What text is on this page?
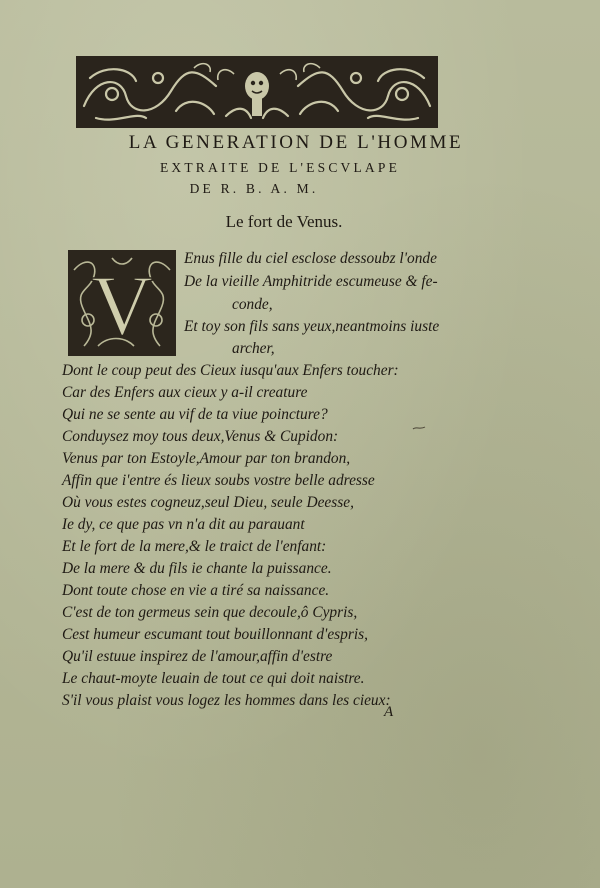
LA GENERATION DE L'HOMME
EXTRAITE DE L'ESCVLAPE
DE R. B. A. M.
Le fort de Venus.
V Enus fille du ciel esclose dessoubz l'onde
De la vieille Amphitride escumeuse & fe-
conde,
Et toy son fils sans yeux,neantmoins iuste
archer,
Dont le coup peut des Cieux iusqu'aux Enfers toucher:
Car des Enfers aux cieux y a-il creature
Qui ne se sente au vif de ta viue poincture?
Conduysez moy tous deux,Venus & Cupidon:
Venus par ton Estoyle,Amour par ton brandon,
Affin que i'entre és lieux soubs vostre belle adresse
Où vous estes cogneuz,seul Dieu, seule Deesse,
Ie dy, ce que pas vn n'a dit au parauant
Et le fort de la mere,& le traict de l'enfant:
De la mere & du fils ie chante la puissance.
Dont toute chose en vie a tiré sa naissance.
C'est de ton germeus sein que decoule,ô Cypris,
Cest humeur escumant tout bouillonnant d'espris,
Qu'il estuue inspirez de l'amour,affin d'estre
Le chaut-moyte leuain de tout ce qui doit naistre.
S'il vous plaist vous logez les hommes dans les cieux:
A
